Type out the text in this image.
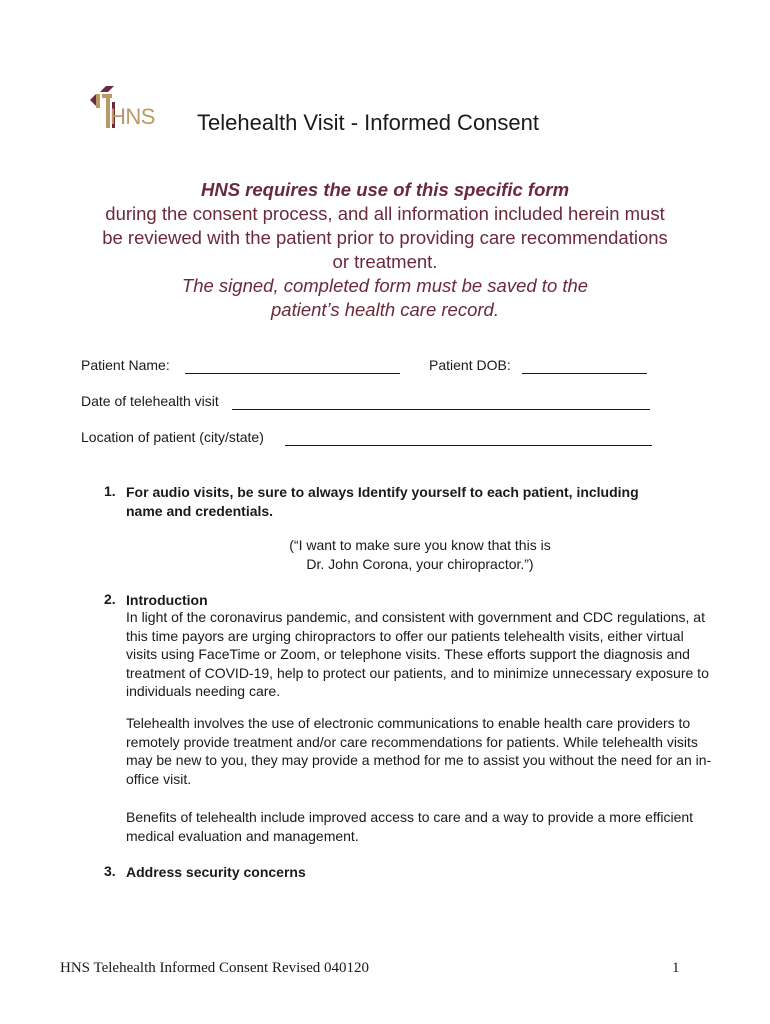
HNS Telehealth Visit - Informed Consent
HNS requires the use of this specific form
during the consent process, and all information included herein must
be reviewed with the patient prior to providing care recommendations
or treatment.
The signed, completed form must be saved to the
patient’s health care record.
Patient Name:	Patient DOB:
Date of telehealth visit
Location of patient (city/state)
1. For audio visits, be sure to always Identify yourself to each patient, including
name and credentials.
(“I want to make sure you know that this is
Dr. John Corona, your chiropractor.”)
2. Introduction
In light of the coronavirus pandemic, and consistent with government and CDC regulations, at this time payors are urging chiropractors to offer our patients telehealth visits, either virtual visits using FaceTime or Zoom, or telephone visits. These efforts support the diagnosis and treatment of COVID-19, help to protect our patients, and to minimize unnecessary exposure to individuals needing care.
Telehealth involves the use of electronic communications to enable health care providers to remotely provide treatment and/or care recommendations for patients. While telehealth visits may be new to you, they may provide a method for me to assist you without the need for an in-office visit.
Benefits of telehealth include improved access to care and a way to provide a more efficient medical evaluation and management.
3. Address security concerns
HNS Telehealth Informed Consent Revised 040120	1
